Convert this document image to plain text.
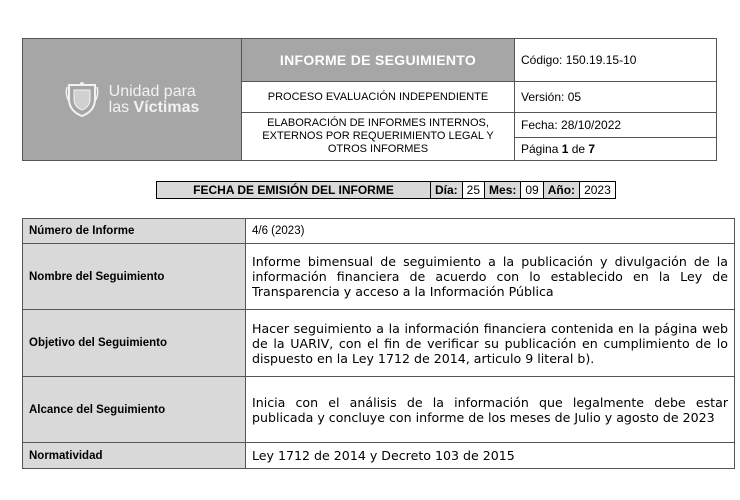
Unidad para
las Víctimas	INFORME DE SEGUIMIENTO	Código: 150.19.15-10
	PROCESO EVALUACIÓN INDEPENDIENTE	Versión: 05
	ELABORACIÓN DE INFORMES INTERNOS, EXTERNOS POR REQUERIMIENTO LEGAL Y OTROS INFORMES	Fecha: 28/10/2022
		Página 1 de 7
FECHA DE EMISIÓN DEL INFORME	Día:	25	Mes:	09	Año:	2023
Número de Informe	4/6 (2023)
Nombre del Seguimiento	Informe bimensual de seguimiento a la publicación y divulgación de la información financiera de acuerdo con lo establecido en la Ley de Transparencia y acceso a la Información Pública
Objetivo del Seguimiento	Hacer seguimiento a la información financiera contenida en la página web de la UARIV, con el fin de verificar su publicación en cumplimiento de lo dispuesto en la Ley 1712 de 2014, articulo 9 literal b).
Alcance del Seguimiento	Inicia con el análisis de la información que legalmente debe estar publicada y concluye con informe de los meses de Julio y agosto de 2023
Normatividad	Ley 1712 de 2014 y Decreto 103 de 2015
